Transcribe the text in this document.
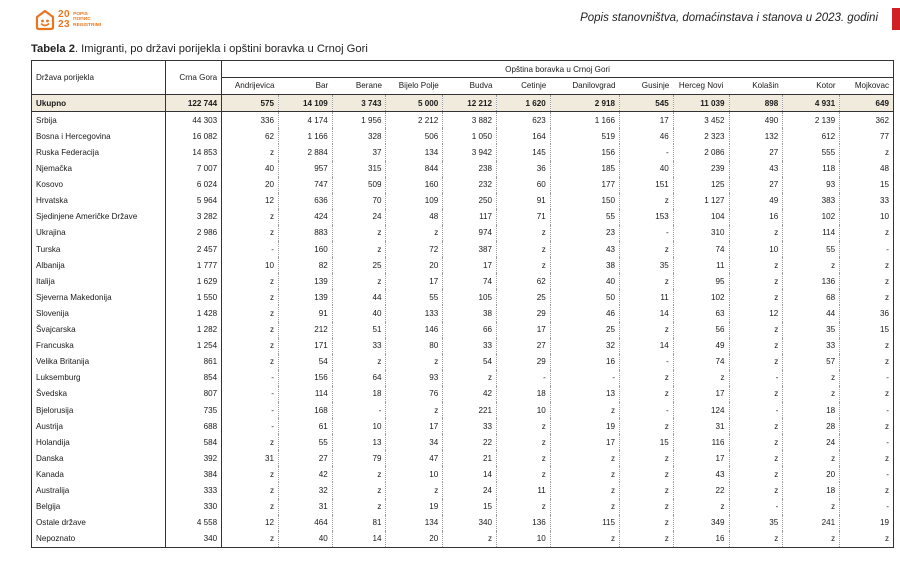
20
23
POPIS
ПОПИС
REGISTRIMI
Popis stanovništva, domaćinstava i stanova u 2023. godini
Tabela 2. Imigranti, po državi porijekla i opštini boravka u Crnoj Gori
Država porijekla	Crna Gora	Opština boravka u Crnoj Gori											
		Andrijevica	Bar	Berane	Bijelo Polje	Budva	Cetinje	Danilovgrad	Gusinje	Herceg Novi	Kolašin	Kotor	Mojkovac
Ukupno	122 744	575	14 109	3 743	5 000	12 212	1 620	2 918	545	11 039	898	4 931	649
Srbija	44 303	336	4 174	1 956	2 212	3 882	623	1 166	17	3 452	490	2 139	362
Bosna i Hercegovina	16 082	62	1 166	328	506	1 050	164	519	46	2 323	132	612	77
Ruska Federacija	14 853	z	2 884	37	134	3 942	145	156	-	2 086	27	555	z
Njemačka	7 007	40	957	315	844	238	36	185	40	239	43	118	48
Kosovo	6 024	20	747	509	160	232	60	177	151	125	27	93	15
Hrvatska	5 964	12	636	70	109	250	91	150	z	1 127	49	383	33
Sjedinjene Američke Države	3 282	z	424	24	48	117	71	55	153	104	16	102	10
Ukrajina	2 986	z	883	z	z	974	z	23	-	310	z	114	z
Turska	2 457	-	160	z	72	387	z	43	z	74	10	55	-
Albanija	1 777	10	82	25	20	17	z	38	35	11	z	z	z
Italija	1 629	z	139	z	17	74	62	40	z	95	z	136	z
Sjeverna Makedonija	1 550	z	139	44	55	105	25	50	11	102	z	68	z
Slovenija	1 428	z	91	40	133	38	29	46	14	63	12	44	36
Švajcarska	1 282	z	212	51	146	66	17	25	z	56	z	35	15
Francuska	1 254	z	171	33	80	33	27	32	14	49	z	33	z
Velika Britanija	861	z	54	z	z	54	29	16	-	74	z	57	z
Luksemburg	854	-	156	64	93	z	-	-	z	z	-	z	-
Švedska	807	-	114	18	76	42	18	13	z	17	z	z	z
Bjelorusija	735	-	168	-	z	221	10	z	-	124	-	18	-
Austrija	688	-	61	10	17	33	z	19	z	31	z	28	z
Holandija	584	z	55	13	34	22	z	17	15	116	z	24	-
Danska	392	31	27	79	47	21	z	z	z	17	z	z	z
Kanada	384	z	42	z	10	14	z	z	z	43	z	20	-
Australija	333	z	32	z	z	24	11	z	z	22	z	18	z
Belgija	330	z	31	z	19	15	z	z	z	z	-	z	-
Ostale države	4 558	12	464	81	134	340	136	115	z	349	35	241	19
Nepoznato	340	z	40	14	20	z	10	z	z	16	z	z	z
